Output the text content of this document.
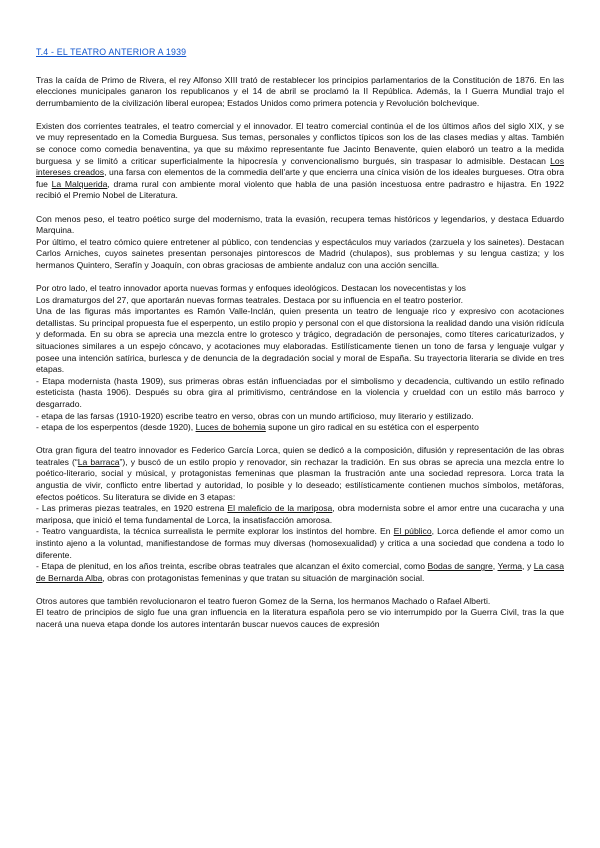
T.4 - EL TEATRO ANTERIOR A 1939

Tras la caída de Primo de Rivera, el rey Alfonso XIII trató de restablecer los principios parlamentarios de la Constitución de 1876. En las elecciones municipales ganaron los republicanos y el 14 de abril se proclamó la II República. Además, la I Guerra Mundial trajo el derrumbamiento de la civilización liberal europea; Estados Unidos como primera potencia y Revolución bolchevique.

Existen dos corrientes teatrales, el teatro comercial y el innovador. El teatro comercial continúa el de los últimos años del siglo XIX, y se ve muy representado en la Comedia Burguesa. Sus temas, personales y conflictos típicos son los de las clases medias y altas. También se conoce como comedia benaventina, ya que su máximo representante fue Jacinto Benavente, quien elaboró un teatro a la medida burguesa y se limitó a criticar superficialmente la hipocresía y convencionalismo burgués, sin traspasar lo admisible. Destacan Los intereses creados, una farsa con elementos de la commedia dell'arte y que encierra una cínica visión de los ideales burgueses. Otra obra fue La Malquerida, drama rural con ambiente moral violento que habla de una pasión incestuosa entre padrastro e hijastra. En 1922 recibió el Premio Nobel de Literatura.

Con menos peso, el teatro poético surge del modernismo, trata la evasión, recupera temas históricos y legendarios, y destaca Eduardo Marquina.
Por último, el teatro cómico quiere entretener al público, con tendencias y espectáculos muy variados (zarzuela y los sainetes). Destacan Carlos Arniches, cuyos sainetes presentan personajes pintorescos de Madrid (chulapos), sus problemas y su lengua castiza; y los hermanos Quintero, Serafín y Joaquín, con obras graciosas de ambiente andaluz con una acción sencilla.

Por otro lado, el teatro innovador aporta nuevas formas y enfoques ideológicos. Destacan los novecentistas y los
Los dramaturgos del 27, que aportarán nuevas formas teatrales. Destaca por su influencia en el teatro posterior.
Una de las figuras más importantes es Ramón Valle-Inclán, quien presenta un teatro de lenguaje rico y expresivo con acotaciones detallistas. Su principal propuesta fue el esperpento, un estilo propio y personal con el que distorsiona la realidad dando una visión ridícula y deformada. En su obra se aprecia una mezcla entre lo grotesco y trágico, degradación de personajes, como títeres caricaturizados, y situaciones similares a un espejo cóncavo, y acotaciones muy elaboradas. Estilísticamente tienen un tono de farsa y lenguaje vulgar y posee una intención satírica, burlesca y de denuncia de la degradación social y moral de España. Su trayectoria literaria se divide en tres etapas.
- Etapa modernista (hasta 1909), sus primeras obras están influenciadas por el simbolismo y decadencia, cultivando un estilo refinado esteticista (hasta 1906). Después su obra gira al primitivismo, centrándose en la violencia y crueldad con un estilo más barroco y desgarrado.
- etapa de las farsas (1910-1920) escribe teatro en verso, obras con un mundo artificioso, muy literario y estilizado.
- etapa de los esperpentos (desde 1920), Luces de bohemia supone un giro radical en su estética con el esperpento

Otra gran figura del teatro innovador es Federico García Lorca, quien se dedicó a la composición, difusión y representación de las obras teatrales (“La barraca”), y buscó de un estilo propio y renovador, sin rechazar la tradición. En sus obras se aprecia una mezcla entre lo poético-literario, social y músical, y protagonistas femeninas que plasman la frustración ante una sociedad represora. Lorca trata la angustia de vivir, conflicto entre libertad y autoridad, lo posible y lo deseado; estilísticamente contienen muchos símbolos, metáforas, efectos poéticos. Su literatura se divide en 3 etapas:
- Las primeras piezas teatrales, en 1920 estrena El maleficio de la mariposa, obra modernista sobre el amor entre una cucaracha y una mariposa, que inició el tema fundamental de Lorca, la insatisfacción amorosa.
- Teatro vanguardista, la técnica surrealista le permite explorar los instintos del hombre. En El público, Lorca defiende el amor como un instinto ajeno a la voluntad, manifiestandose de formas muy diversas (homosexualidad) y critica a una sociedad que condena a todo lo diferente.
- Etapa de plenitud, en los años treinta, escribe obras teatrales que alcanzan el éxito comercial, como Bodas de sangre, Yerma, y La casa de Bernarda Alba, obras con protagonistas femeninas y que tratan su situación de marginación social.

Otros autores que también revolucionaron el teatro fueron Gomez de la Serna, los hermanos Machado o Rafael Alberti.
El teatro de principios de siglo fue una gran influencia en la literatura española pero se vio interrumpido por la Guerra Civil, tras la que nacerá una nueva etapa donde los autores intentarán buscar nuevos cauces de expresión
